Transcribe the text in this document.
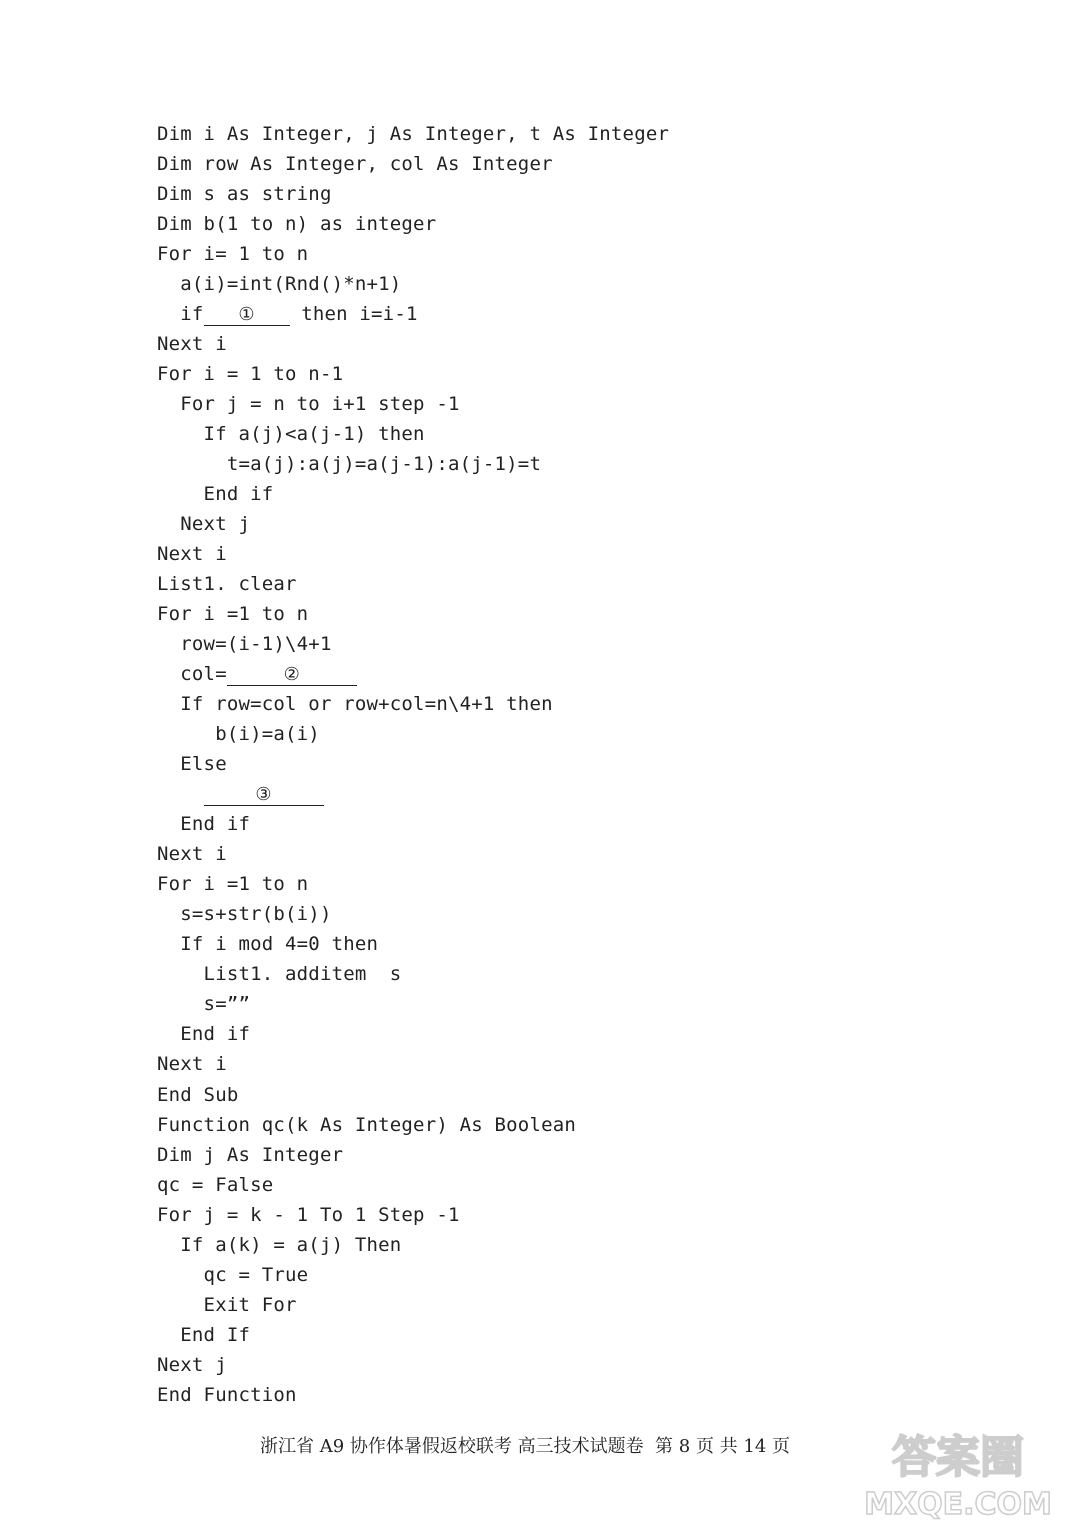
Dim i As Integer, j As Integer, t As Integer
Dim row As Integer, col As Integer
Dim s as string
Dim b(1 to n) as integer
For i= 1 to n
a(i)=int(Rnd()*n+1)
if ① then i=i-1
Next i
For i = 1 to n-1
For j = n to i+1 step -1
If a(j)<a(j-1) then
t=a(j):a(j)=a(j-1):a(j-1)=t
End if
Next j
Next i
List1. clear
For i =1 to n
row=(i-1)\4+1
col=	②
If row=col or row+col=n\4+1 then
b(i)=a(i)
Else
③
End if
Next i
For i =1 to n
s=s+str(b(i))
If i mod 4=0 then
List1. additem  s
s=””
End if
Next i
End Sub
Function qc(k As Integer) As Boolean
Dim j As Integer
qc = False
For j = k - 1 To 1 Step -1
If a(k) = a(j) Then
qc = True
Exit For
End If
Next j
End Function
浙江省 A9 协作体暑假返校联考 高三技术试题卷  第 8 页 共 14 页 答案圈
MXQE.COM
